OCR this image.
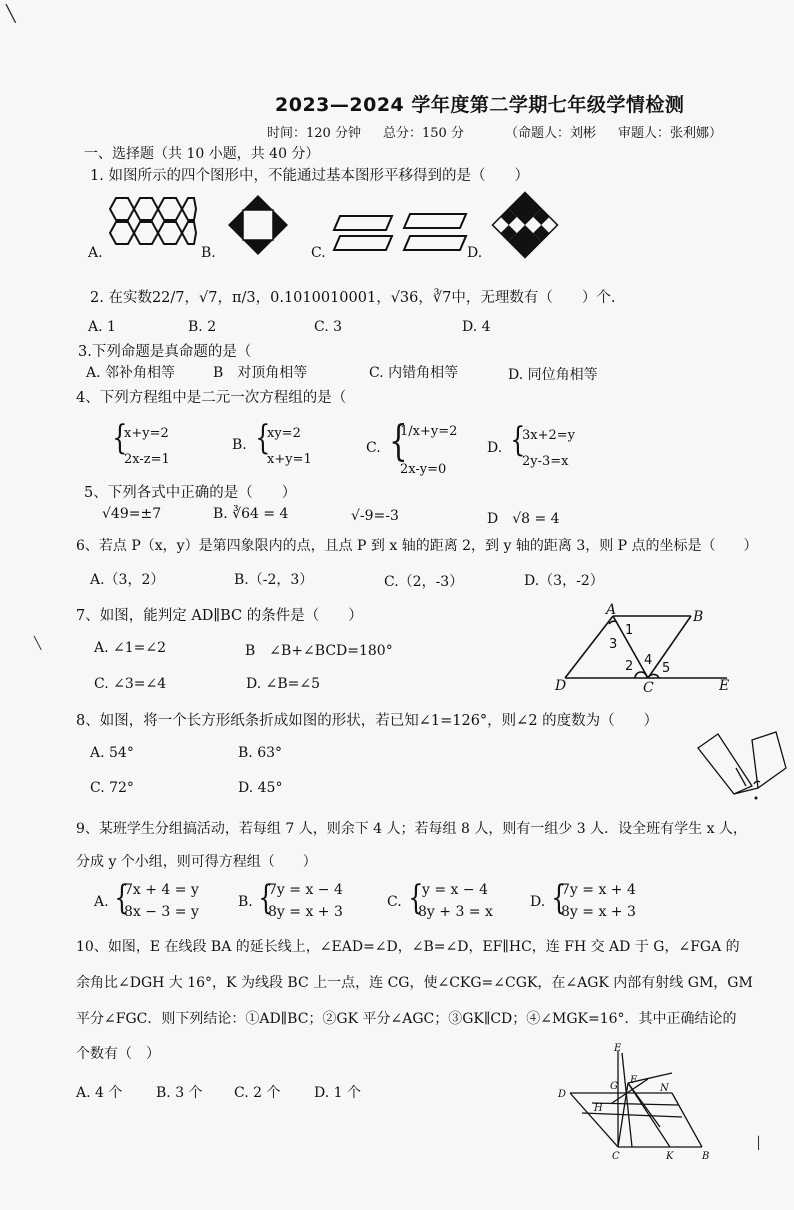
2023—2024 学年度第二学期七年级学情检测
时间：120 分钟 总分：150 分	（命题人：刘彬 审题人：张利娜）
一、选择题（共 10 小题，共 40 分）
1. 如图所示的四个图形中，不能通过基本图形平移得到的是（　　）
A.	B.	C.	D.
2. 在实数22/7，√7，π/3，0.1010010001，√36，∛7中，无理数有（　　）个.
A. 1	B. 2	C. 3	D. 4
3.下列命题是真命题的是（
A. 邻补角相等	B　对顶角相等	C. 内错角相等	D. 同位角相等
4、下列方程组中是二元一次方程组的是（
{
x+y=2
2x-z=1
B. {
xy=2
x+y=1
C. {
1/x+y=2
2x-y=0
D. {
3x+2=y
2y-3=x
5、下列各式中正确的是（　　）
√49=±7	B. ∛64 = 4	√-9=-3	D　√8 = 4
6、若点 P（x，y）是第四象限内的点，且点 P 到 x 轴的距离 2，到 y 轴的距离 3，则 P 点的坐标是（　　）
A.（3，2）	B.（-2，3）	C.（2，-3）	D.（3，-2）
7、如图，能判定 AD∥BC 的条件是（　　）
A. ∠1=∠2	B　∠B+∠BCD=180°
C. ∠3=∠4	D. ∠B=∠5
A	B
D	C	E
1
3
2 4
5
8、如图，将一个长方形纸条折成如图的形状，若已知∠1=126°，则∠2 的度数为（　　）
A. 54°	B. 63°
C. 72°	D. 45°
9、某班学生分组搞活动，若每组 7 人，则余下 4 人；若每组 8 人，则有一组少 3 人．设全班有学生 x 人，
分成 y 个小组，则可得方程组（　　）
A. {
7x + 4 = y
8x − 3 = y
B. {
7y = x − 4
8y = x + 3
C. {
y = x − 4
8y + 3 = x
D. {
7y = x + 4
8y = x + 3
10、如图，E 在线段 BA 的延长线上，∠EAD=∠D，∠B=∠D，EF∥HC，连 FH 交 AD 于 G，∠FGA 的
余角比∠DGH 大 16°，K 为线段 BC 上一点，连 CG，使∠CKG=∠CGK，在∠AGK 内部有射线 GM，GM
平分∠FGC．则下列结论：①AD∥BC；②GK 平分∠AGC；③GK∥CD；④∠MGK=16°．其中正确结论的
个数有（　）
A. 4 个 B. 3 个 C. 2 个 D. 1 个
E
D
G
H
C	K	B
F
N
╲
╲
│
